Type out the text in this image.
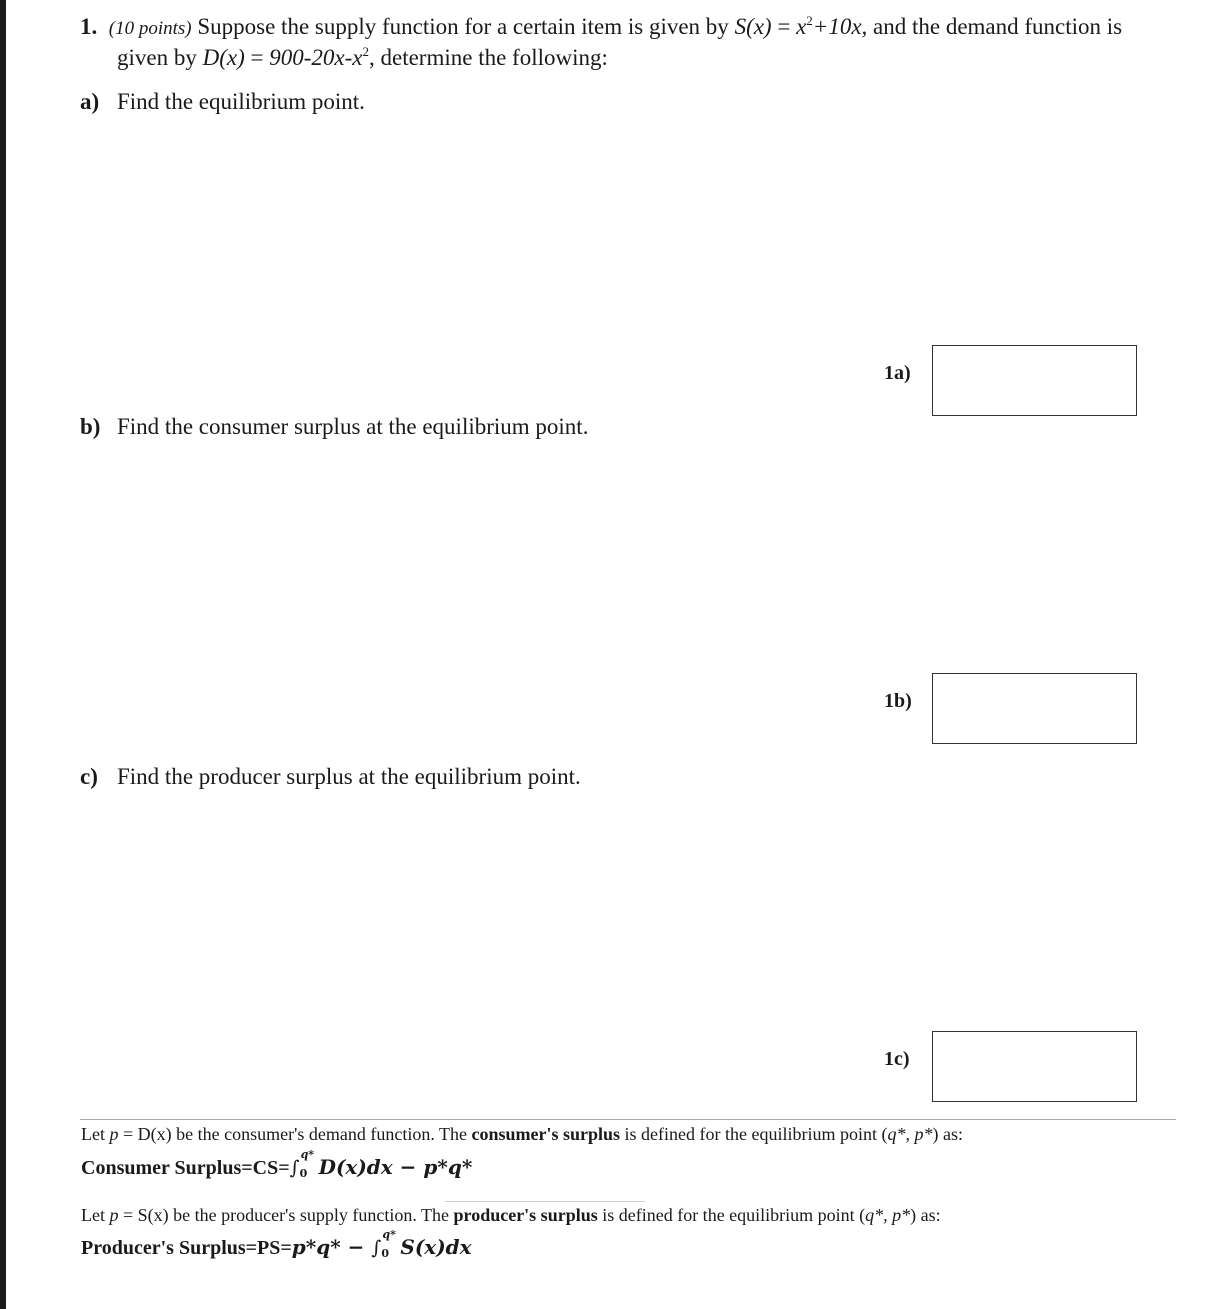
1. (10 points) Suppose the supply function for a certain item is given by $S(x) = x^2+10x$, and the demand function is
given by $D(x) = 900-20x-x^2$, determine the following:
a) Find the equilibrium point.
b) Find the consumer surplus at the equilibrium point.
c) Find the producer surplus at the equilibrium point.
1a)
1b)
1c)
Let p = D(x) be the consumer's demand function. The consumer's surplus is defined for the equilibrium point (q*, p*) as:
Consumer Surplus=CS=∫
q*
0 D(x)dx − p*q*
Let p = S(x) be the producer's supply function. The producer's surplus is defined for the equilibrium point (q*, p*) as:
Producer's Surplus=PS=p*q* − ∫
q*
0 S(x)dx
